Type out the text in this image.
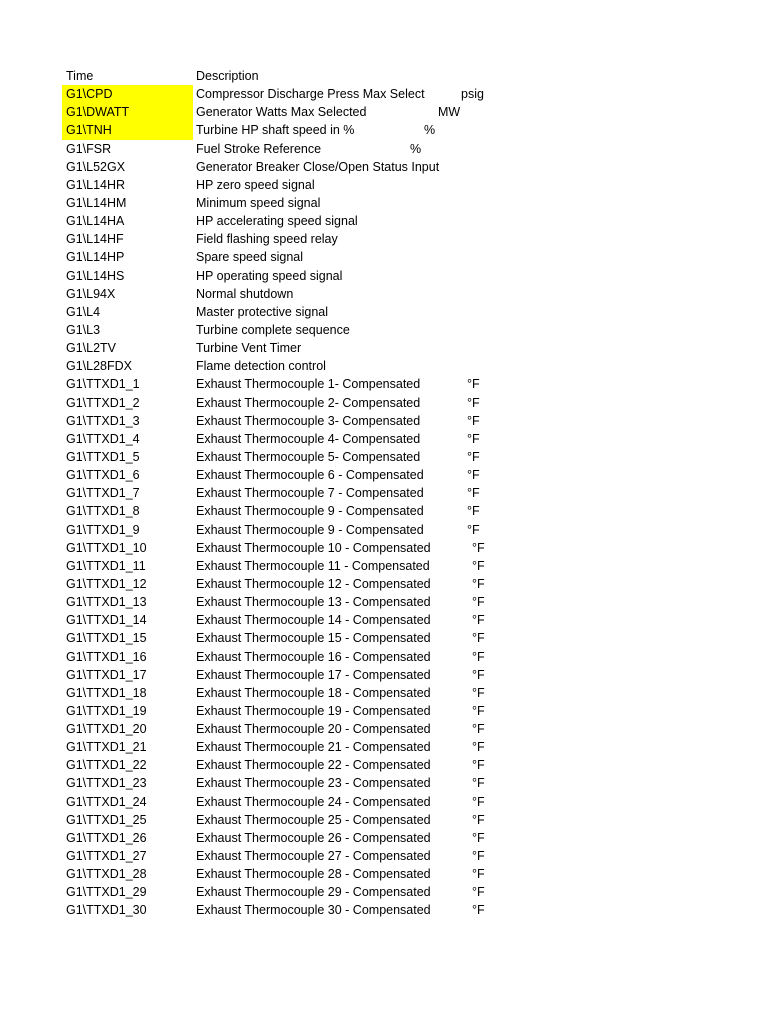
Time	Description
G1\CPD	Compressor Discharge Press Max Select	psig
G1\DWATT	Generator Watts Max Selected	MW
G1\TNH	Turbine HP shaft speed in %	%
G1\FSR	Fuel Stroke Reference	%
G1\L52GX	Generator Breaker Close/Open Status Input
G1\L14HR	HP zero speed signal
G1\L14HM	Minimum speed signal
G1\L14HA	HP accelerating speed signal
G1\L14HF	Field flashing speed relay
G1\L14HP	Spare speed signal
G1\L14HS	HP operating speed signal
G1\L94X	Normal shutdown
G1\L4	Master protective signal
G1\L3	Turbine complete sequence
G1\L2TV	Turbine Vent Timer
G1\L28FDX	Flame detection control
G1\TTXD1_1	Exhaust Thermocouple 1- Compensated	°F
G1\TTXD1_2	Exhaust Thermocouple 2- Compensated	°F
G1\TTXD1_3	Exhaust Thermocouple 3- Compensated	°F
G1\TTXD1_4	Exhaust Thermocouple 4- Compensated	°F
G1\TTXD1_5	Exhaust Thermocouple 5- Compensated	°F
G1\TTXD1_6	Exhaust Thermocouple 6 - Compensated	°F
G1\TTXD1_7	Exhaust Thermocouple 7 - Compensated	°F
G1\TTXD1_8	Exhaust Thermocouple 9 - Compensated	°F
G1\TTXD1_9	Exhaust Thermocouple 9 - Compensated	°F
G1\TTXD1_10	Exhaust Thermocouple 10 - Compensated	°F
G1\TTXD1_11	Exhaust Thermocouple 11 - Compensated	°F
G1\TTXD1_12	Exhaust Thermocouple 12 - Compensated	°F
G1\TTXD1_13	Exhaust Thermocouple 13 - Compensated	°F
G1\TTXD1_14	Exhaust Thermocouple 14 - Compensated	°F
G1\TTXD1_15	Exhaust Thermocouple 15 - Compensated	°F
G1\TTXD1_16	Exhaust Thermocouple 16 - Compensated	°F
G1\TTXD1_17	Exhaust Thermocouple 17 - Compensated	°F
G1\TTXD1_18	Exhaust Thermocouple 18 - Compensated	°F
G1\TTXD1_19	Exhaust Thermocouple 19 - Compensated	°F
G1\TTXD1_20	Exhaust Thermocouple 20 - Compensated	°F
G1\TTXD1_21	Exhaust Thermocouple 21 - Compensated	°F
G1\TTXD1_22	Exhaust Thermocouple 22 - Compensated	°F
G1\TTXD1_23	Exhaust Thermocouple 23 - Compensated	°F
G1\TTXD1_24	Exhaust Thermocouple 24 - Compensated	°F
G1\TTXD1_25	Exhaust Thermocouple 25 - Compensated	°F
G1\TTXD1_26	Exhaust Thermocouple 26 - Compensated	°F
G1\TTXD1_27	Exhaust Thermocouple 27 - Compensated	°F
G1\TTXD1_28	Exhaust Thermocouple 28 - Compensated	°F
G1\TTXD1_29	Exhaust Thermocouple 29 - Compensated	°F
G1\TTXD1_30	Exhaust Thermocouple 30 - Compensated	°F
